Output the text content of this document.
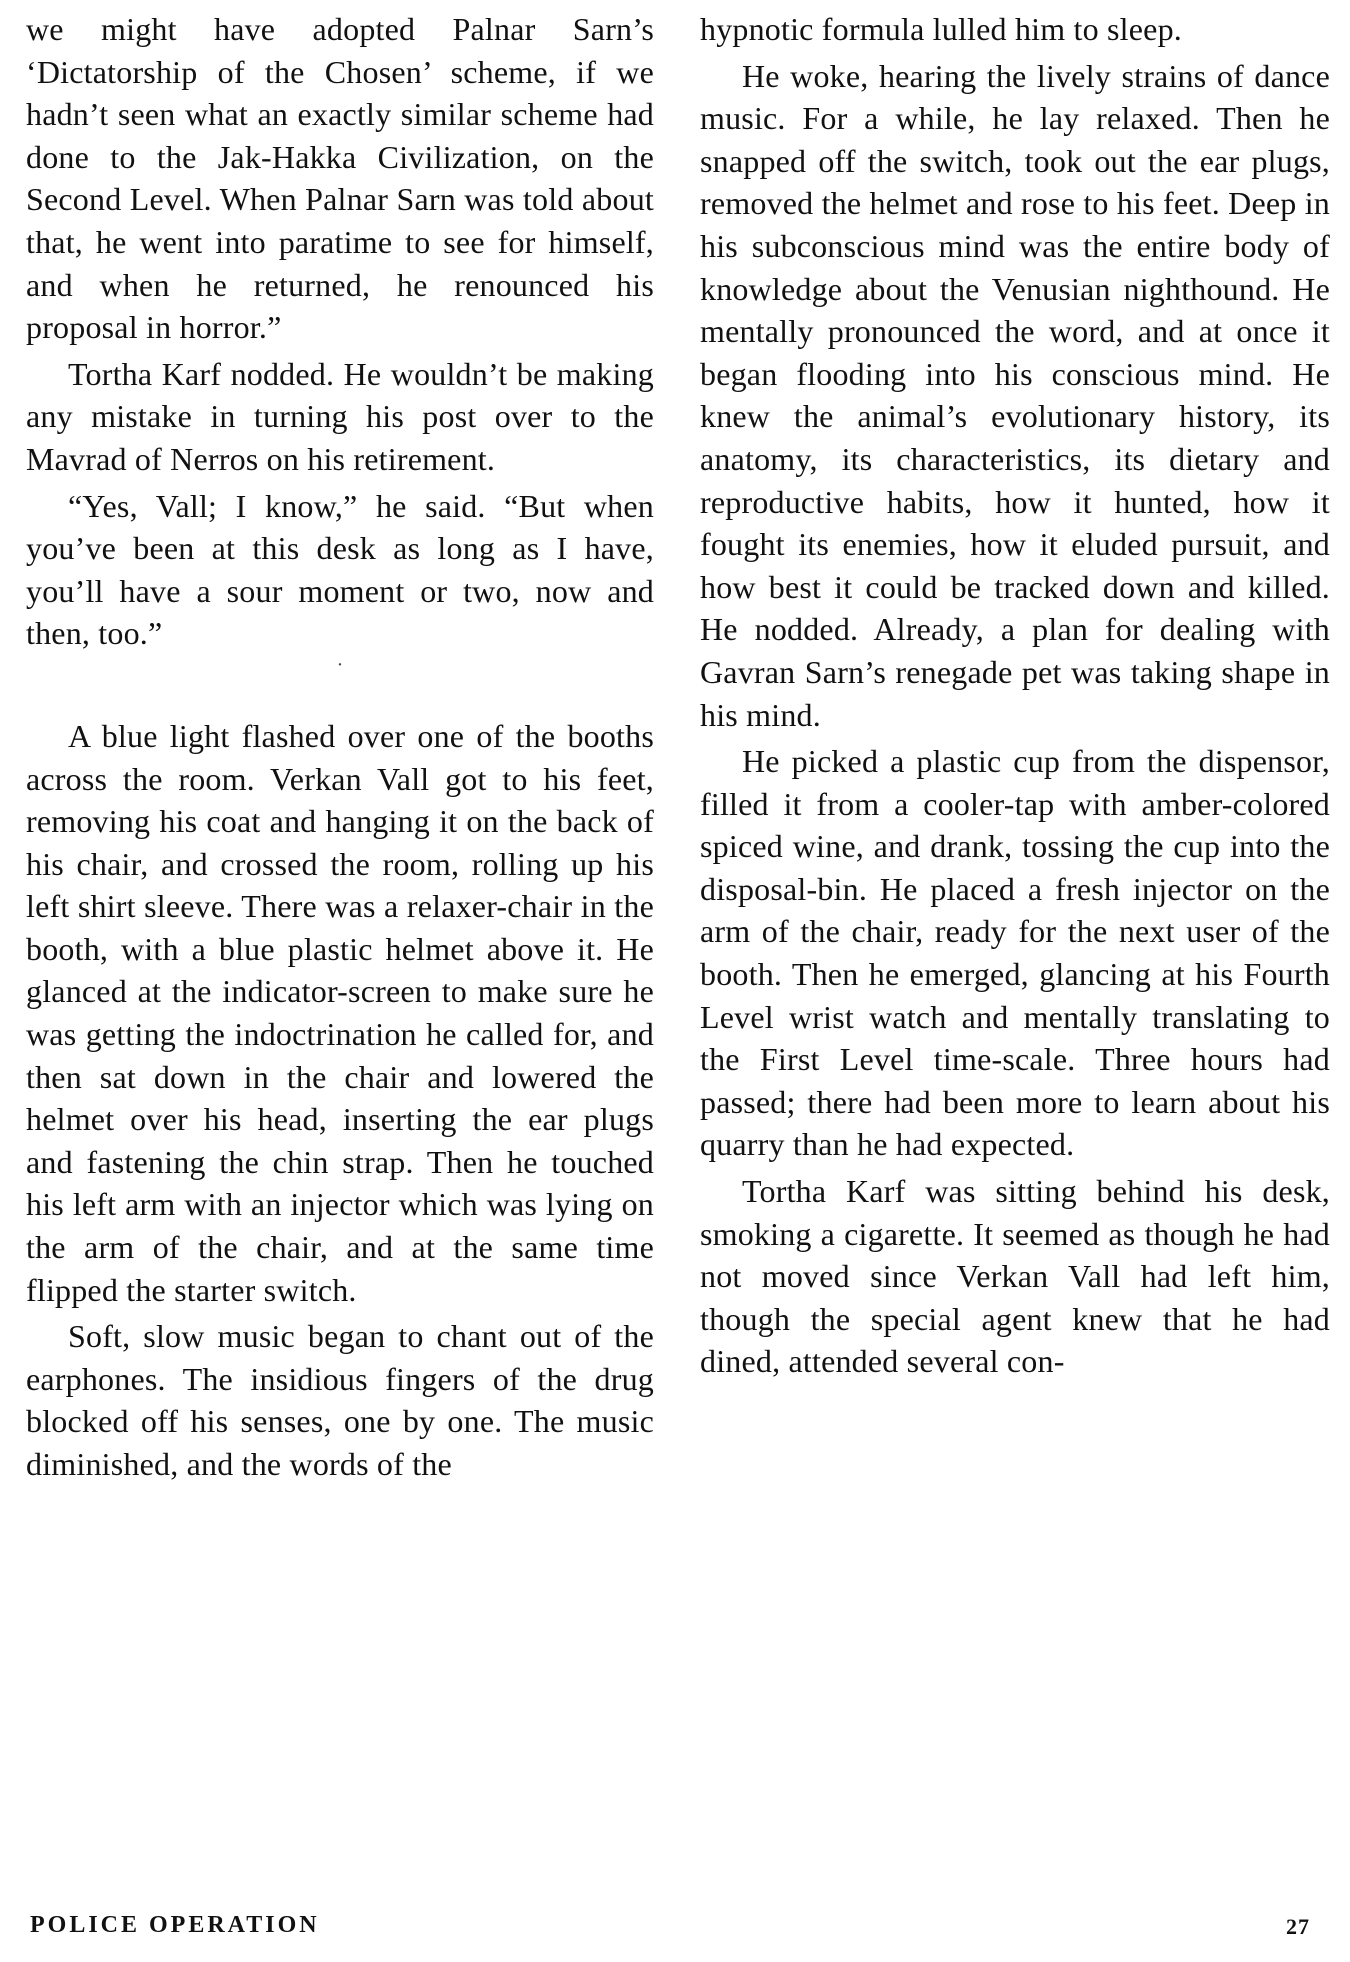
we might have adopted Palnar Sarn’s ‘Dictatorship of the Chosen’ scheme, if we hadn’t seen what an exactly similar scheme had done to the Jak-Hakka Civilization, on the Second Level. When Palnar Sarn was told about that, he went into paratime to see for himself, and when he returned, he renounced his proposal in horror.”

Tortha Karf nodded. He wouldn’t be making any mistake in turning his post over to the Mavrad of Nerros on his retirement.

“Yes, Vall; I know,” he said. “But when you’ve been at this desk as long as I have, you’ll have a sour moment or two, now and then, too.”

·

A blue light flashed over one of the booths across the room. Verkan Vall got to his feet, removing his coat and hanging it on the back of his chair, and crossed the room, rolling up his left shirt sleeve. There was a relaxer-chair in the booth, with a blue plastic helmet above it. He glanced at the indicator-screen to make sure he was getting the indoctrination he called for, and then sat down in the chair and lowered the helmet over his head, inserting the ear plugs and fastening the chin strap. Then he touched his left arm with an injector which was lying on the arm of the chair, and at the same time flipped the starter switch.

Soft, slow music began to chant out of the earphones. The insidious fingers of the drug blocked off his senses, one by one. The music diminished, and the words of the

hypnotic formula lulled him to sleep.

He woke, hearing the lively strains of dance music. For a while, he lay relaxed. Then he snapped off the switch, took out the ear plugs, removed the helmet and rose to his feet. Deep in his subconscious mind was the entire body of knowledge about the Venusian nighthound. He mentally pronounced the word, and at once it began flooding into his conscious mind. He knew the animal’s evolutionary history, its anatomy, its characteristics, its dietary and reproductive habits, how it hunted, how it fought its enemies, how it eluded pursuit, and how best it could be tracked down and killed. He nodded. Already, a plan for dealing with Gavran Sarn’s renegade pet was taking shape in his mind.

He picked a plastic cup from the dispensor, filled it from a cooler-tap with amber-colored spiced wine, and drank, tossing the cup into the disposal-bin. He placed a fresh injector on the arm of the chair, ready for the next user of the booth. Then he emerged, glancing at his Fourth Level wrist watch and mentally translating to the First Level time-scale. Three hours had passed; there had been more to learn about his quarry than he had expected.

Tortha Karf was sitting behind his desk, smoking a cigarette. It seemed as though he had not moved since Verkan Vall had left him, though the special agent knew that he had dined, attended several con-

POLICE OPERATION	27
